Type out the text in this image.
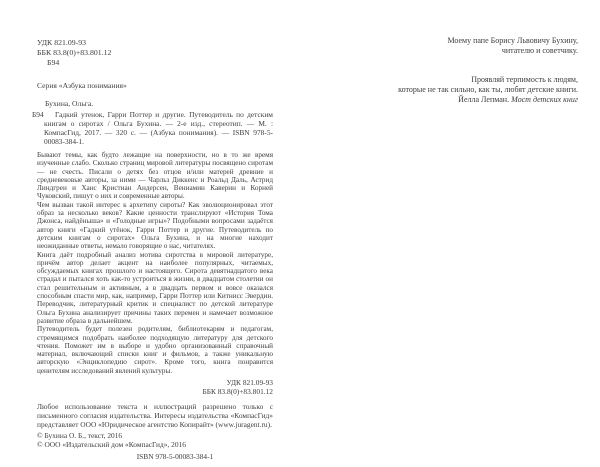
УДК 821.09-93
ББК 83.8(0)+83.801.12
Б94
Серия «Азбука понимания»
Бухина, Ольга.
Б94	Гадкий утенок, Гарри Поттер и другие. Путеводитель по детским книгам о сиротах / Ольга Бухина. — 2-е изд., стереотип. — М. : КомпасГид, 2017. — 320 с. — (Азбука понимания). — ISBN 978-5-00083-384-1.

Бывают темы, как будто лежащие на поверхности, но в то же время изученные слабо. Сколько страниц мировой литературы посвящено сиротам — не счесть. Писали о детях без отцов и/или матерей древние и средневековые авторы, за ними — Чарльз Диккенс и Роальд Даль, Астрид Линдгрен и Ханс Кристиан Андерсен, Вениамин Каверин и Корней Чуковский, пишут о них и современные авторы.

Чем вызван такой интерес к архетипу сироты? Как эволюционировал этот образ за несколько веков? Какие ценности транслируют «История Тома Джонса, найдёныша» и «Голодные игры»? Подобными вопросами задаётся автор книги «Гадкий утёнок, Гарри Поттер и другие. Путеводитель по детским книгам о сиротах» Ольга Бухина, и на многие находит неожиданные ответы, немало говорящие о нас, читателях.

Книга даёт подробный анализ мотива сиротства в мировой литературе, причём автор делает акцент на наиболее популярных, читаемых, обсуждаемых книгах прошлого и настоящего. Сирота девятнадцатого века страдал и пытался хоть как-то устроиться в жизни, в двадцатом столетии он стал решительным и активным, а в двадцать первом и вовсе оказался способным спасти мир, как, например, Гарри Поттер или Китнисс Эвердин. Переводчик, литературный критик и специалист по детской литературе Ольга Бухина анализирует причины таких перемен и намечает возможное развитие образа в дальнейшем.

Путеводитель будет полезен родителям, библиотекарям и педагогам, стремящимся подобрать наиболее подходящую литературу для детского чтения. Поможет им в выборе и удобно организованный справочный материал, включающий списки книг и фильмов, а также уникальную авторскую «Энциклопедию сирот». Кроме того, книга понравится ценителям исследований явлений культуры.

УДК 821.09-93
ББК 83.8(0)+83.801.12

Любое использование текста и иллюстраций разрешено только с письменного согласия издательства. Интересы издательства «КомпасГид» представляет ООО «Юридическое агентство Копирайт» (www.juragent.ru).

© Бухина О. Б., текст, 2016
© ООО «Издательский дом «КомпасГид», 2016
ISBN 978-5-00083-384-1
Моему папе Борису Львовичу Бухину,
читателю и советчику.
Проявляй терпимость к людям,
которые не так сильно, как ты, любят детские книги.
Йелла Лепман. Мост детских книг
